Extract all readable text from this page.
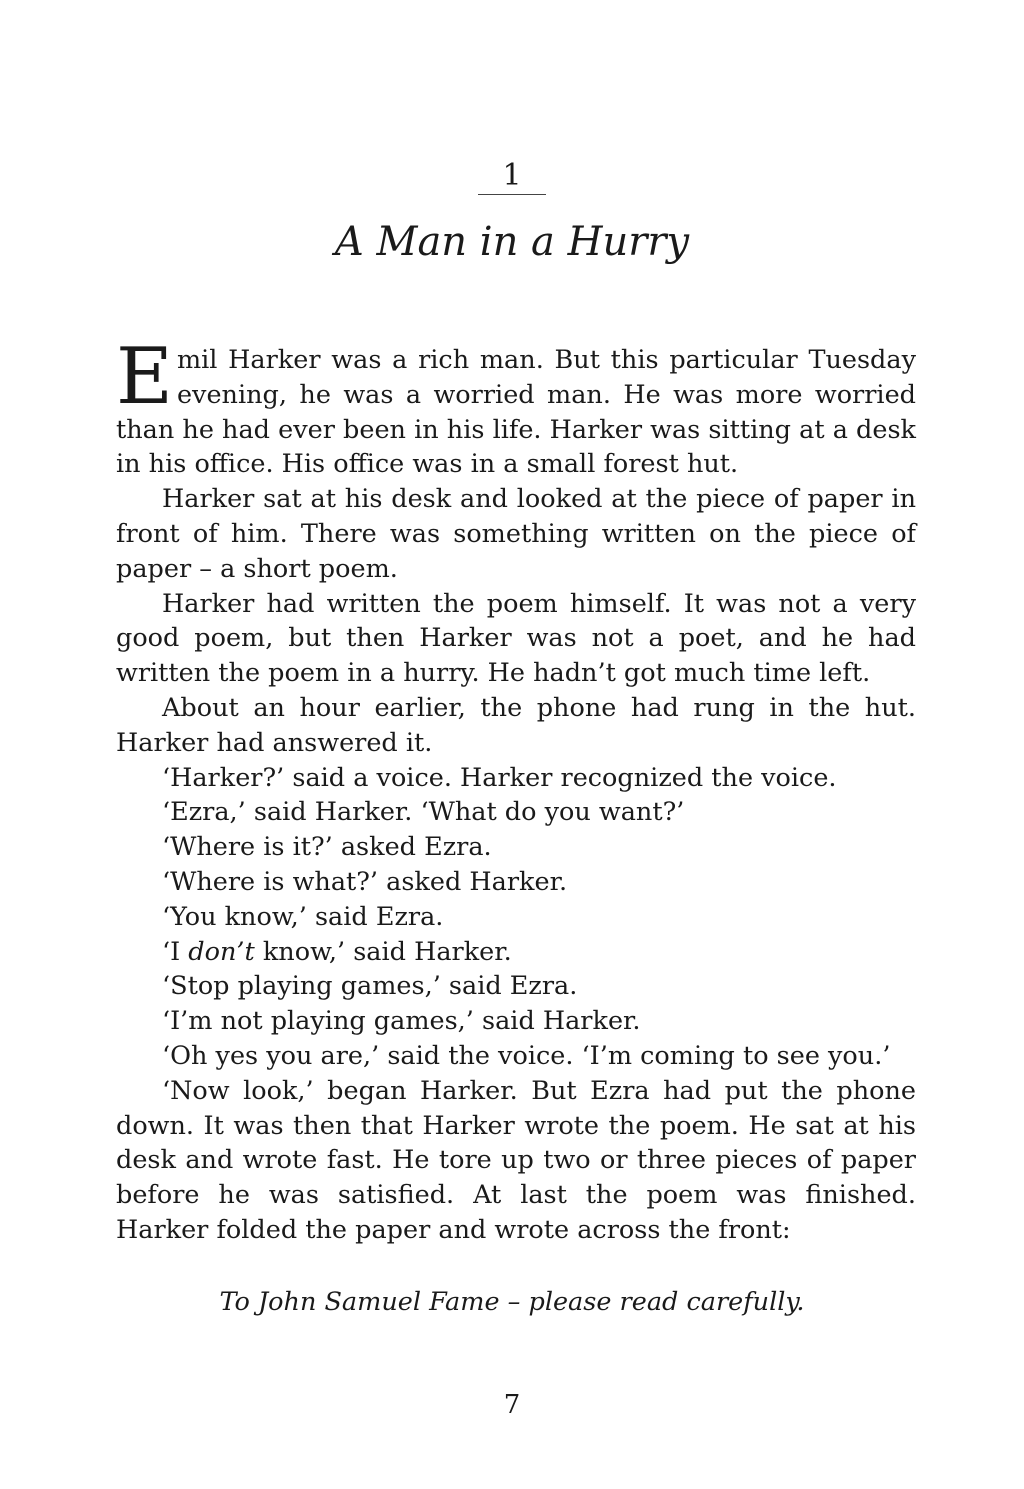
1
A Man in a Hurry

Emil Harker was a rich man. But this particular Tuesday evening, he was a worried man. He was more worried than he had ever been in his life. Harker was sitting at a desk in his office. His office was in a small forest hut.

Harker sat at his desk and looked at the piece of paper in front of him. There was something written on the piece of paper – a short poem.

Harker had written the poem himself. It was not a very good poem, but then Harker was not a poet, and he had written the poem in a hurry. He hadn’t got much time left.

About an hour earlier, the phone had rung in the hut. Harker had answered it.

‘Harker?’ said a voice. Harker recognized the voice.

‘Ezra,’ said Harker. ‘What do you want?’

‘Where is it?’ asked Ezra.

‘Where is what?’ asked Harker.

‘You know,’ said Ezra.

‘I don’t know,’ said Harker.

‘Stop playing games,’ said Ezra.

‘I’m not playing games,’ said Harker.

‘Oh yes you are,’ said the voice. ‘I’m coming to see you.’

‘Now look,’ began Harker. But Ezra had put the phone down. It was then that Harker wrote the poem. He sat at his desk and wrote fast. He tore up two or three pieces of paper before he was satisfied. At last the poem was finished. Harker folded the paper and wrote across the front:

To John Samuel Fame – please read carefully.
7
